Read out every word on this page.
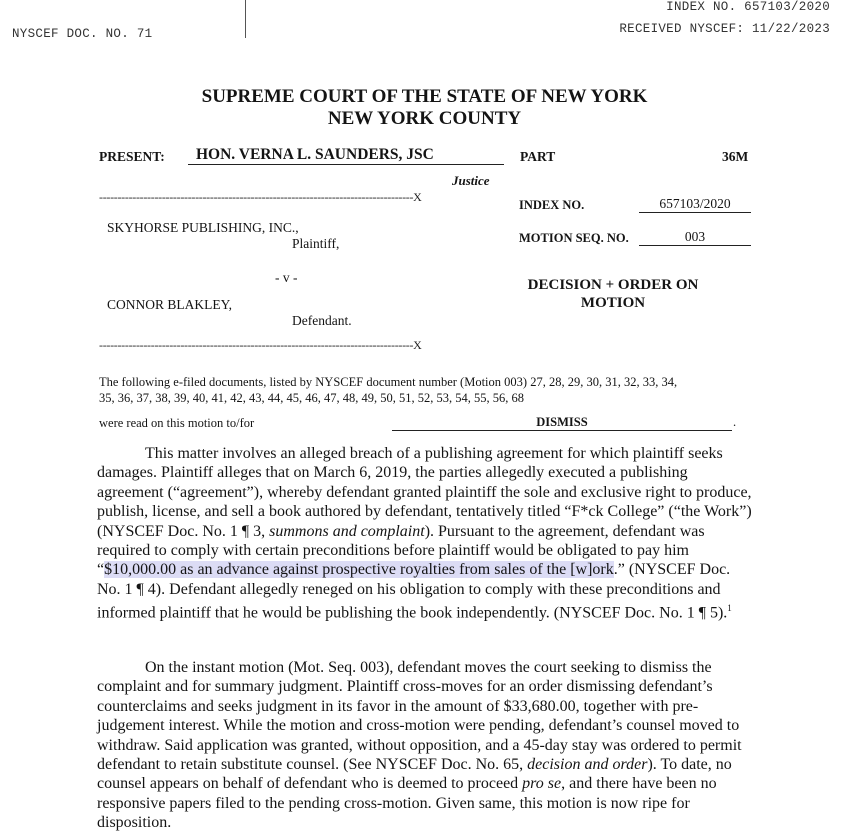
NYSCEF DOC. NO. 71
INDEX NO. 657103/2020
RECEIVED NYSCEF: 11/22/2023
SUPREME COURT OF THE STATE OF NEW YORK
NEW YORK COUNTY
PRESENT:	HON. VERNA L. SAUNDERS, JSC
Justice
-------------------------------------------------------------------------------------X
SKYHORSE PUBLISHING, INC.,
Plaintiff,
- v -
CONNOR BLAKLEY,
Defendant.
-------------------------------------------------------------------------------------X
PART	36M
INDEX NO.	657103/2020
MOTION SEQ. NO.	003
DECISION + ORDER ON
MOTION
The following e-filed documents, listed by NYSCEF document number (Motion 003) 27, 28, 29, 30, 31, 32, 33, 34,
35, 36, 37, 38, 39, 40, 41, 42, 43, 44, 45, 46, 47, 48, 49, 50, 51, 52, 53, 54, 55, 56, 68
were read on this motion to/for	DISMISS	.
This matter involves an alleged breach of a publishing agreement for which plaintiff seeks damages. Plaintiff alleges that on March 6, 2019, the parties allegedly executed a publishing agreement (“agreement”), whereby defendant granted plaintiff the sole and exclusive right to produce, publish, license, and sell a book authored by defendant, tentatively titled “F*ck College” (“the Work”) (NYSCEF Doc. No. 1 ¶ 3, summons and complaint). Pursuant to the agreement, defendant was required to comply with certain preconditions before plaintiff would be obligated to pay him “$10,000.00 as an advance against prospective royalties from sales of the [w]ork.” (NYSCEF Doc. No. 1 ¶ 4). Defendant allegedly reneged on his obligation to comply with these preconditions and informed plaintiff that he would be publishing the book independently. (NYSCEF Doc. No. 1 ¶ 5).$^1$
On the instant motion (Mot. Seq. 003), defendant moves the court seeking to dismiss the complaint and for summary judgment. Plaintiff cross-moves for an order dismissing defendant’s counterclaims and seeks judgment in its favor in the amount of $33,680.00, together with pre-judgement interest. While the motion and cross-motion were pending, defendant’s counsel moved to withdraw. Said application was granted, without opposition, and a 45-day stay was ordered to permit defendant to retain substitute counsel. (See NYSCEF Doc. No. 65, decision and order). To date, no counsel appears on behalf of defendant who is deemed to proceed pro se, and there have been no responsive papers filed to the pending cross-motion. Given same, this motion is now ripe for disposition.
